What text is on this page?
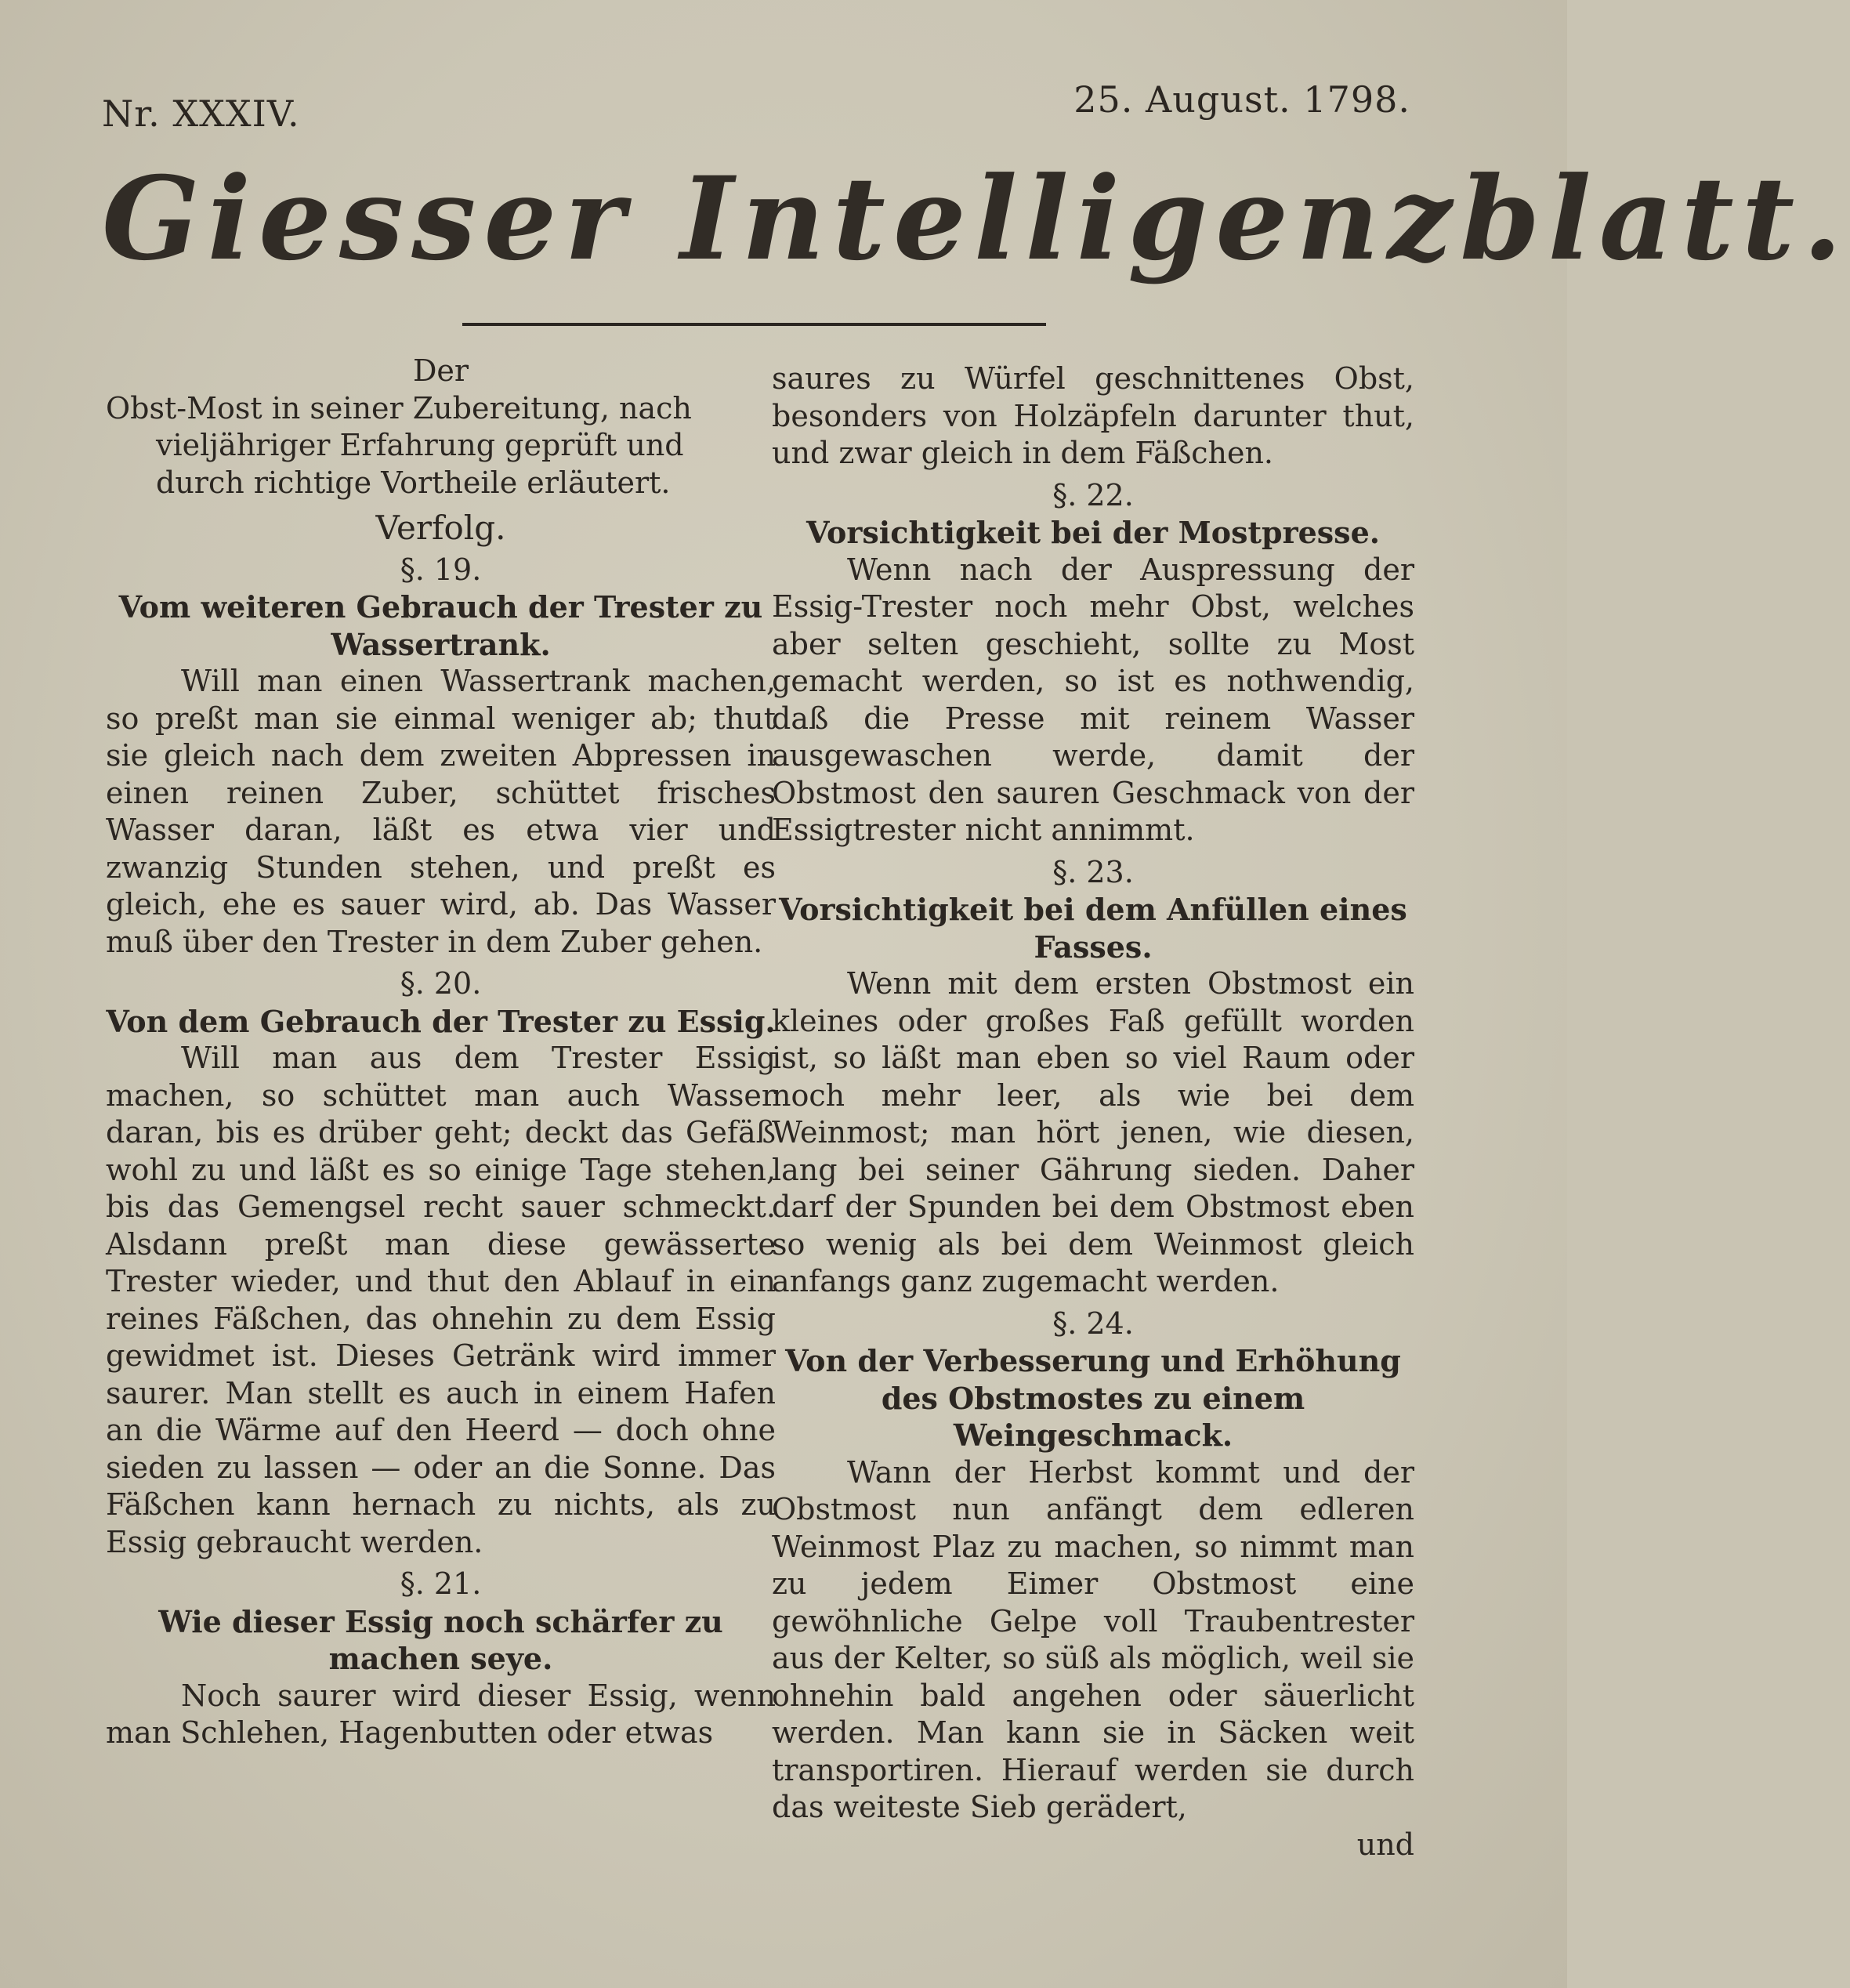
Nr. XXXIV.	25. August. 1798.
Giesser Intelligenzblatt.
Der
Obst-Most in seiner Zubereitung, nach
vieljähriger Erfahrung geprüft und durch richtige Vortheile erläutert.
Verfolg.
§. 19.
Vom weiteren Gebrauch der Trester zu Wassertrank.
Will man einen Wassertrank machen, so preßt man sie einmal weniger ab; thut sie gleich nach dem zweiten Abpressen in einen reinen Zuber, schüttet frisches Wasser daran, läßt es etwa vier und zwanzig Stunden stehen, und preßt es gleich, ehe es sauer wird, ab. Das Wasser muß über den Trester in dem Zuber gehen.
§. 20.
Von dem Gebrauch der Trester zu Essig.
Will man aus dem Trester Essig machen, so schüttet man auch Wasser daran, bis es drüber geht; deckt das Gefäß wohl zu und läßt es so einige Tage stehen, bis das Gemengsel recht sauer schmeckt. Alsdann preßt man diese gewässerte Trester wieder, und thut den Ablauf in ein reines Fäßchen, das ohnehin zu dem Essig gewidmet ist. Dieses Getränk wird immer saurer. Man stellt es auch in einem Hafen an die Wärme auf den Heerd — doch ohne sieden zu lassen — oder an die Sonne. Das Fäßchen kann hernach zu nichts, als zu Essig gebraucht werden.
§. 21.
Wie dieser Essig noch schärfer zu machen seye.
Noch saurer wird dieser Essig, wenn man Schlehen, Hagenbutten oder etwas
saures zu Würfel geschnittenes Obst, besonders von Holzäpfeln darunter thut, und zwar gleich in dem Fäßchen.
§. 22.
Vorsichtigkeit bei der Mostpresse.
Wenn nach der Auspressung der Essig-Trester noch mehr Obst, welches aber selten geschieht, sollte zu Most gemacht werden, so ist es nothwendig, daß die Presse mit reinem Wasser ausgewaschen werde, damit der Obstmost den sauren Geschmack von der Essigtrester nicht annimmt.
§. 23.
Vorsichtigkeit bei dem Anfüllen eines Fasses.
Wenn mit dem ersten Obstmost ein kleines oder großes Faß gefüllt worden ist, so läßt man eben so viel Raum oder noch mehr leer, als wie bei dem Weinmost; man hört jenen, wie diesen, lang bei seiner Gährung sieden. Daher darf der Spunden bei dem Obstmost eben so wenig als bei dem Weinmost gleich anfangs ganz zugemacht werden.
§. 24.
Von der Verbesserung und Erhöhung des Obstmostes zu einem Weingeschmack.
Wann der Herbst kommt und der Obstmost nun anfängt dem edleren Weinmost Plaz zu machen, so nimmt man zu jedem Eimer Obstmost eine gewöhnliche Gelpe voll Traubentrester aus der Kelter, so süß als möglich, weil sie ohnehin bald angehen oder säuerlicht werden. Man kann sie in Säcken weit transportiren. Hierauf werden sie durch das weiteste Sieb gerädert,
und
